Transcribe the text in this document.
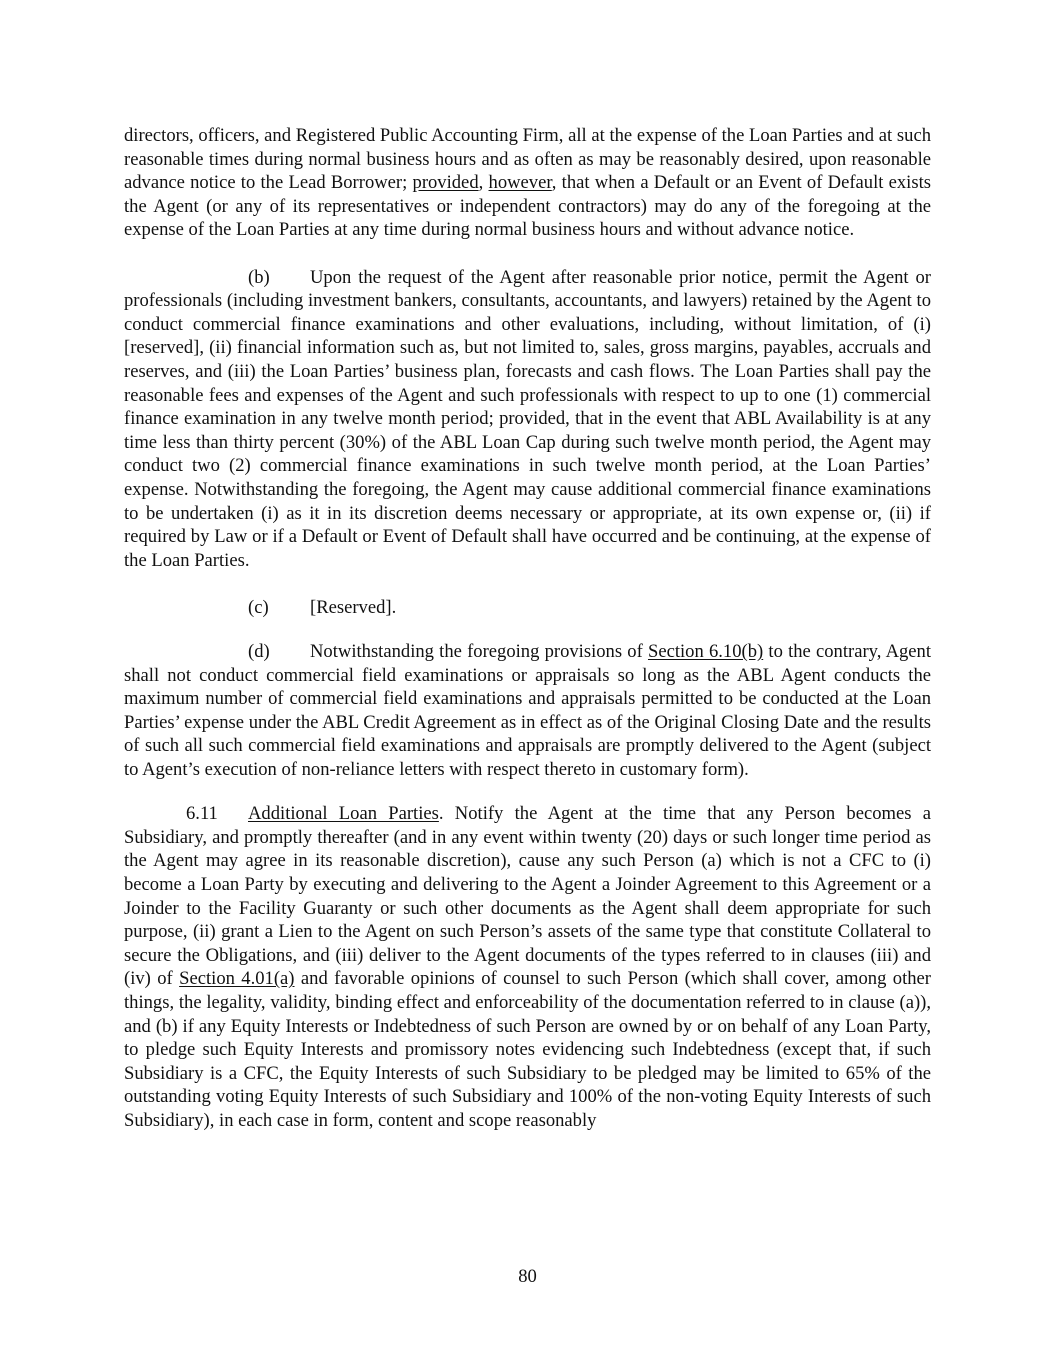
directors, officers, and Registered Public Accounting Firm, all at the expense of the Loan Parties and at such reasonable times during normal business hours and as often as may be reasonably desired, upon reasonable advance notice to the Lead Borrower; provided, however, that when a Default or an Event of Default exists the Agent (or any of its representatives or independent contractors) may do any of the foregoing at the expense of the Loan Parties at any time during normal business hours and without advance notice.

(b) Upon the request of the Agent after reasonable prior notice, permit the Agent or professionals (including investment bankers, consultants, accountants, and lawyers) retained by the Agent to conduct commercial finance examinations and other evaluations, including, without limitation, of (i) [reserved], (ii) financial information such as, but not limited to, sales, gross margins, payables, accruals and reserves, and (iii) the Loan Parties’ business plan, forecasts and cash flows. The Loan Parties shall pay the reasonable fees and expenses of the Agent and such professionals with respect to up to one (1) commercial finance examination in any twelve month period; provided, that in the event that ABL Availability is at any time less than thirty percent (30%) of the ABL Loan Cap during such twelve month period, the Agent may conduct two (2) commercial finance examinations in such twelve month period, at the Loan Parties’ expense. Notwithstanding the foregoing, the Agent may cause additional commercial finance examinations to be undertaken (i) as it in its discretion deems necessary or appropriate, at its own expense or, (ii) if required by Law or if a Default or Event of Default shall have occurred and be continuing, at the expense of the Loan Parties.

(c) [Reserved].

(d) Notwithstanding the foregoing provisions of Section 6.10(b) to the contrary, Agent shall not conduct commercial field examinations or appraisals so long as the ABL Agent conducts the maximum number of commercial field examinations and appraisals permitted to be conducted at the Loan Parties’ expense under the ABL Credit Agreement as in effect as of the Original Closing Date and the results of such all such commercial field examinations and appraisals are promptly delivered to the Agent (subject to Agent’s execution of non-reliance letters with respect thereto in customary form).

6.11 Additional Loan Parties. Notify the Agent at the time that any Person becomes a Subsidiary, and promptly thereafter (and in any event within twenty (20) days or such longer time period as the Agent may agree in its reasonable discretion), cause any such Person (a) which is not a CFC to (i) become a Loan Party by executing and delivering to the Agent a Joinder Agreement to this Agreement or a Joinder to the Facility Guaranty or such other documents as the Agent shall deem appropriate for such purpose, (ii) grant a Lien to the Agent on such Person’s assets of the same type that constitute Collateral to secure the Obligations, and (iii) deliver to the Agent documents of the types referred to in clauses (iii) and (iv) of Section 4.01(a) and favorable opinions of counsel to such Person (which shall cover, among other things, the legality, validity, binding effect and enforceability of the documentation referred to in clause (a)), and (b) if any Equity Interests or Indebtedness of such Person are owned by or on behalf of any Loan Party, to pledge such Equity Interests and promissory notes evidencing such Indebtedness (except that, if such Subsidiary is a CFC, the Equity Interests of such Subsidiary to be pledged may be limited to 65% of the outstanding voting Equity Interests of such Subsidiary and 100% of the non-voting Equity Interests of such Subsidiary), in each case in form, content and scope reasonably

80
